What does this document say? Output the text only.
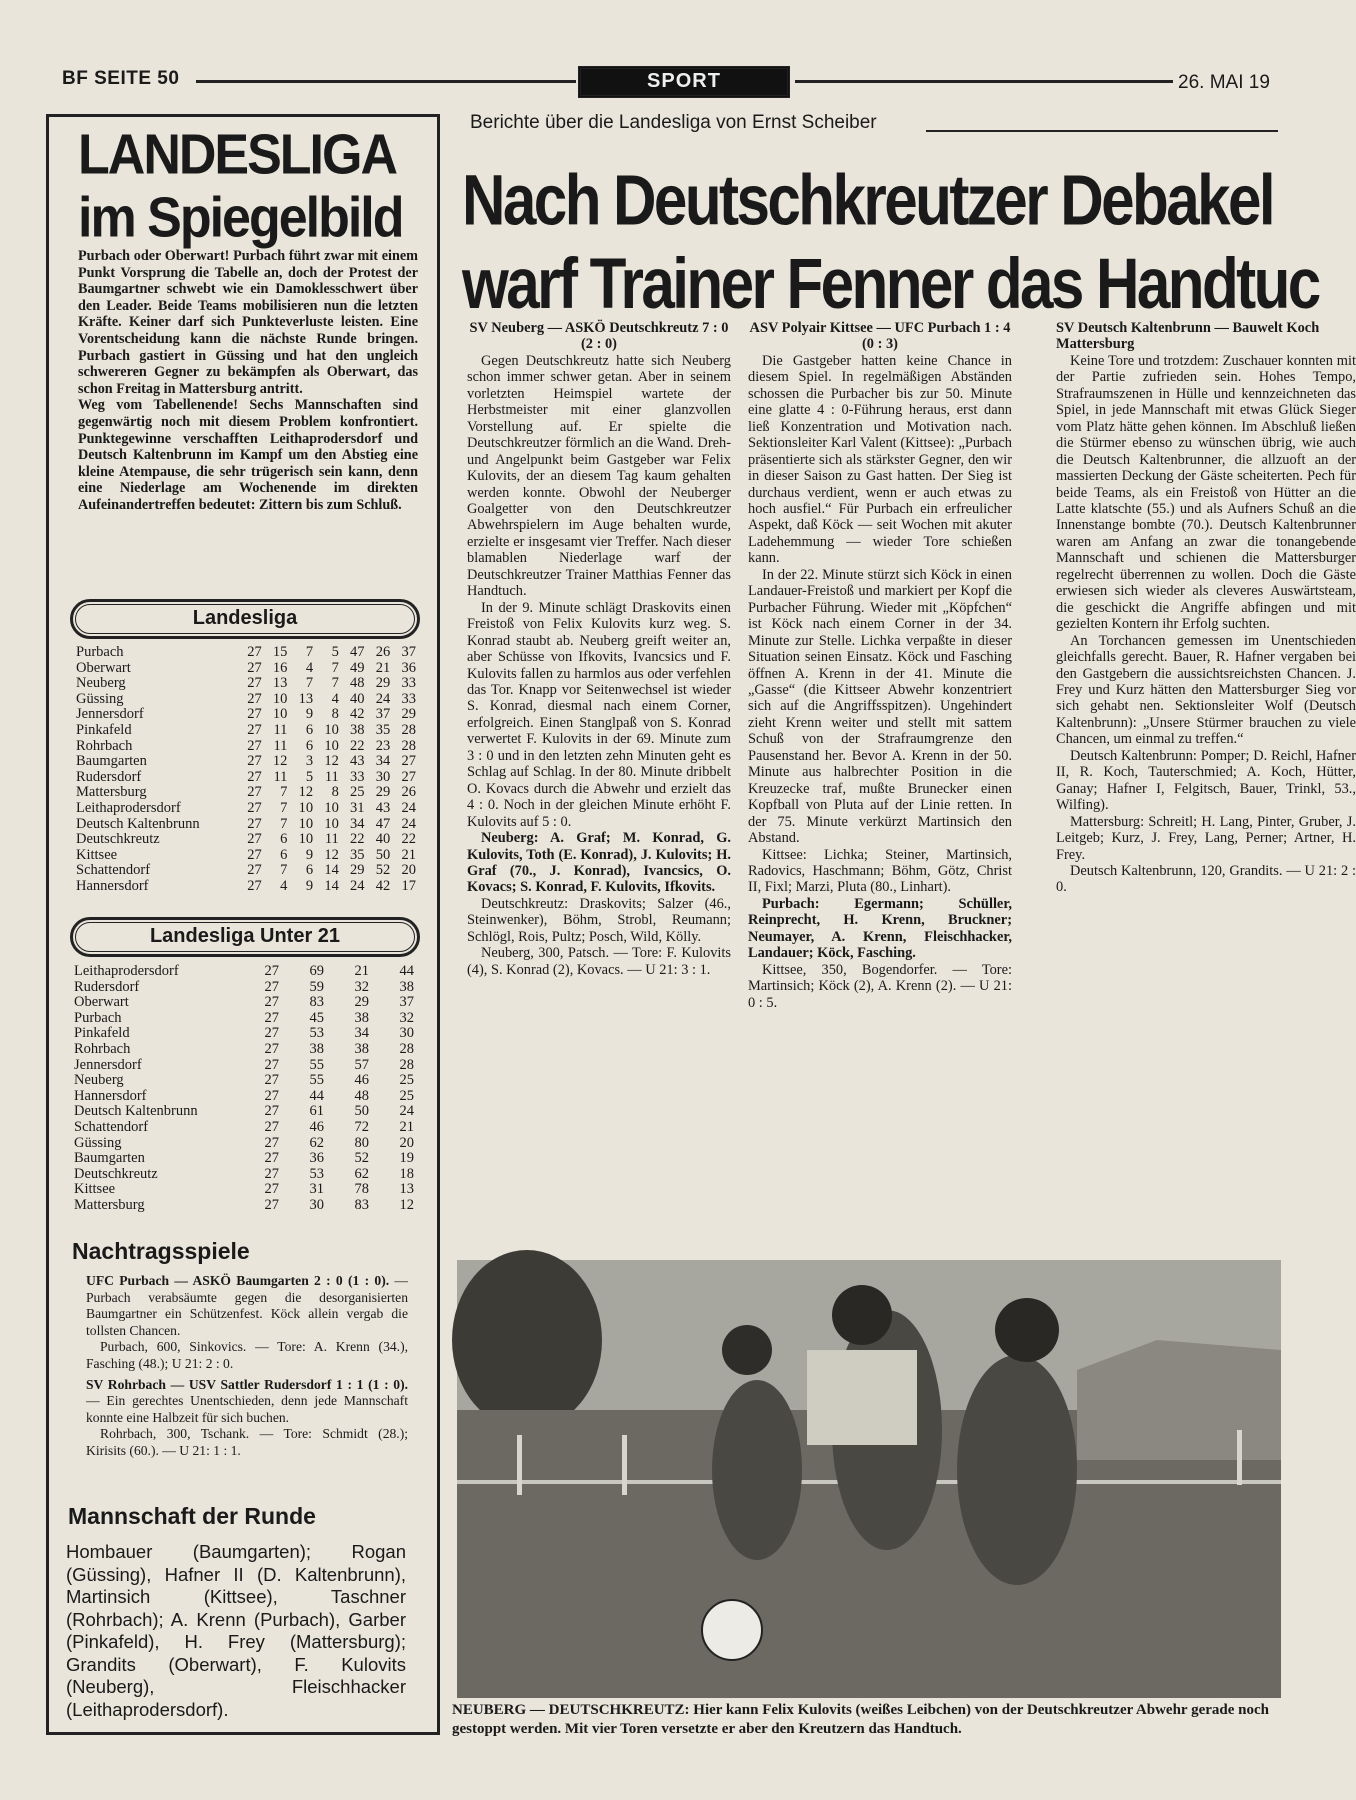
BF SEITE 50	SPORT	26. MAI 19
LANDESLIGA
im Spiegelbild
Purbach oder Oberwart! Purbach führt zwar mit einem Punkt Vorsprung die Tabelle an, doch der Protest der Baumgartner schwebt wie ein Damoklesschwert über den Leader. Beide Teams mobilisieren nun die letzten Kräfte. Keiner darf sich Punkteverluste leisten. Eine Vorentscheidung kann die nächste Runde bringen. Purbach gastiert in Güssing und hat den ungleich schwereren Gegner zu bekämpfen als Oberwart, das schon Freitag in Mattersburg antritt.
Weg vom Tabellenende! Sechs Mannschaften sind gegenwärtig noch mit diesem Problem konfrontiert. Punktegewinne verschafften Leithaprodersdorf und Deutsch Kaltenbrunn im Kampf um den Abstieg eine kleine Atempause, die sehr trügerisch sein kann, denn eine Niederlage am Wochenende im direkten Aufeinandertreffen bedeutet: Zittern bis zum Schluß.
Landesliga
Purbach	27	15	7	5	47	26	37
Oberwart	27	16	4	7	49	21	36
Neuberg	27	13	7	7	48	29	33
Güssing	27	10	13	4	40	24	33
Jennersdorf	27	10	9	8	42	37	29
Pinkafeld	27	11	6	10	38	35	28
Rohrbach	27	11	6	10	22	23	28
Baumgarten	27	12	3	12	43	34	27
Rudersdorf	27	11	5	11	33	30	27
Mattersburg	27	7	12	8	25	29	26
Leithaprodersdorf	27	7	10	10	31	43	24
Deutsch Kaltenbrunn	27	7	10	10	34	47	24
Deutschkreutz	27	6	10	11	22	40	22
Kittsee	27	6	9	12	35	50	21
Schattendorf	27	7	6	14	29	52	20
Hannersdorf	27	4	9	14	24	42	17
Landesliga Unter 21
Leithaprodersdorf	27	69	21	44
Rudersdorf	27	59	32	38
Oberwart	27	83	29	37
Purbach	27	45	38	32
Pinkafeld	27	53	34	30
Rohrbach	27	38	38	28
Jennersdorf	27	55	57	28
Neuberg	27	55	46	25
Hannersdorf	27	44	48	25
Deutsch Kaltenbrunn	27	61	50	24
Schattendorf	27	46	72	21
Güssing	27	62	80	20
Baumgarten	27	36	52	19
Deutschkreutz	27	53	62	18
Kittsee	27	31	78	13
Mattersburg	27	30	83	12
Nachtragsspiele
UFC Purbach — ASKÖ Baumgarten 2 : 0 (1 : 0). — Purbach verabsäumte gegen die desorganisierten Baumgartner ein Schützenfest. Köck allein vergab die tollsten Chancen.
Purbach, 600, Sinkovics. — Tore: A. Krenn (34.), Fasching (48.); U 21: 2 : 0.
SV Rohrbach — USV Sattler Rudersdorf 1 : 1 (1 : 0). — Ein gerechtes Unentschieden, denn jede Mannschaft konnte eine Halbzeit für sich buchen.
Rohrbach, 300, Tschank. — Tore: Schmidt (28.); Kirisits (60.). — U 21: 1 : 1.
Mannschaft der Runde
Hombauer (Baumgarten); Rogan (Güssing), Hafner II (D. Kaltenbrunn), Martinsich (Kittsee), Taschner (Rohrbach); A. Krenn (Purbach), Garber (Pinkafeld), H. Frey (Mattersburg); Grandits (Oberwart), F. Kulovits (Neuberg), Fleischhacker (Leithaprodersdorf).
Berichte über die Landesliga von Ernst Scheiber
Nach Deutschkreutzer Debakel
warf Trainer Fenner das Handtuc

SV Neuberg — ASKÖ Deutschkreutz 7 : 0 (2 : 0)

Gegen Deutschkreutz hatte sich Neuberg schon immer schwer getan. Aber in seinem vorletzten Heimspiel wartete der Herbstmeister mit einer glanzvollen Vorstellung auf. Er spielte die Deutschkreutzer förmlich an die Wand. Dreh- und Angelpunkt beim Gastgeber war Felix Kulovits, der an diesem Tag kaum gehalten werden konnte. Obwohl der Neuberger Goalgetter von den Deutschkreutzer Abwehrspielern im Auge behalten wurde, erzielte er insgesamt vier Treffer. Nach dieser blamablen Niederlage warf der Deutschkreutzer Trainer Matthias Fenner das Handtuch.

In der 9. Minute schlägt Draskovits einen Freistoß von Felix Kulovits kurz weg. S. Konrad staubt ab. Neuberg greift weiter an, aber Schüsse von Ifkovits, Ivancsics und F. Kulovits fallen zu harmlos aus oder verfehlen das Tor. Knapp vor Seitenwechsel ist wieder S. Konrad, diesmal nach einem Corner, erfolgreich. Einen Stanglpaß von S. Konrad verwertet F. Kulovits in der 69. Minute zum 3 : 0 und in den letzten zehn Minuten geht es Schlag auf Schlag. In der 80. Minute dribbelt O. Kovacs durch die Abwehr und erzielt das 4 : 0. Noch in der gleichen Minute erhöht F. Kulovits auf 5 : 0.

Neuberg: A. Graf; M. Konrad, G. Kulovits, Toth (E. Konrad), J. Kulovits; H. Graf (70., J. Konrad), Ivancsics, O. Kovacs; S. Konrad, F. Kulovits, Ifkovits.

Deutschkreutz: Draskovits; Salzer (46., Steinwenker), Böhm, Strobl, Reumann; Schlögl, Rois, Pultz; Posch, Wild, Kölly.

Neuberg, 300, Patsch. — Tore: F. Kulovits (4), S. Konrad (2), Kovacs. — U 21: 3 : 1.

ASV Polyair Kittsee — UFC Purbach 1 : 4 (0 : 3)

Die Gastgeber hatten keine Chance in diesem Spiel. In regelmäßigen Abständen schossen die Purbacher bis zur 50. Minute eine glatte 4 : 0-Führung heraus, erst dann ließ Konzentration und Motivation nach. Sektionsleiter Karl Valent (Kittsee): „Purbach präsentierte sich als stärkster Gegner, den wir in dieser Saison zu Gast hatten. Der Sieg ist durchaus verdient, wenn er auch etwas zu hoch ausfiel.“ Für Purbach ein erfreulicher Aspekt, daß Köck — seit Wochen mit akuter Ladehemmung — wieder Tore schießen kann.

In der 22. Minute stürzt sich Köck in einen Landauer-Freistoß und markiert per Kopf die Purbacher Führung. Wieder mit „Köpfchen“ ist Köck nach einem Corner in der 34. Minute zur Stelle. Lichka verpaßte in dieser Situation seinen Einsatz. Köck und Fasching öffnen A. Krenn in der 41. Minute die „Gasse“ (die Kittseer Abwehr konzentriert sich auf die Angriffsspitzen). Ungehindert zieht Krenn weiter und stellt mit sattem Schuß von der Strafraumgrenze den Pausenstand her. Bevor A. Krenn in der 50. Minute aus halbrechter Position in die Kreuzecke traf, mußte Brunecker einen Kopfball von Pluta auf der Linie retten. In der 75. Minute verkürzt Martinsich den Abstand.

Kittsee: Lichka; Steiner, Martinsich, Radovics, Haschmann; Böhm, Götz, Christ II, Fixl; Marzi, Pluta (80., Linhart).

Purbach: Egermann; Schüller, Reinprecht, H. Krenn, Bruckner; Neumayer, A. Krenn, Fleischhacker, Landauer; Köck, Fasching.

Kittsee, 350, Bogendorfer. — Tore: Martinsich; Köck (2), A. Krenn (2). — U 21: 0 : 5.

SV Deutsch Kaltenbrunn — Bauwelt Koch Mattersburg

Keine Tore und trotzdem: Zuschauer konnten mit der Partie zufrieden sein. Hohes Tempo, Strafraumszenen in Hülle und kennzeichneten das Spiel, in jede Mannschaft mit etwas Glück Sieger vom Platz hätte gehen können. Im Abschluß ließen die Stürmer ebenso zu wünschen übrig, wie auch die Deutsch Kaltenbrunner, die allzuoft an der massierten Deckung der Gäste scheiterten. Pech für beide Teams, als ein Freistoß von Hütter an die Latte klatschte (55.) und als Aufners Schuß an die Innenstange bombte (70.). Deutsch Kaltenbrunner waren am Anfang an zwar die tonangebende Mannschaft und schienen die Mattersburger regelrecht überrennen zu wollen. Doch die Gäste erwiesen sich wieder als cleveres Auswärtsteam, die geschickt die Angriffe abfingen und mit gezielten Kontern ihr Erfolg suchten.

An Torchancen gemessen im Unentschieden gleichfalls gerecht. Bauer, R. Hafner vergaben bei den Gastgebern die aussichtsreichsten Chancen. J. Frey und Kurz hätten den Mattersburger Sieg vor sich gehabt nen. Sektionsleiter Wolf (Deutsch Kaltenbrunn): „Unsere Stürmer brauchen zu viele Chancen, um einmal zu treffen.“

Deutsch Kaltenbrunn: Pomper; D. Reichl, Hafner II, R. Koch, Tauterschmied; A. Koch, Hütter, Ganay; Hafner I, Felgitsch, Bauer, Trinkl, 53., Wilfing).

Mattersburg: Schreitl; H. Lang, Pinter, Gruber, J. Leitgeb; Kurz, J. Frey, Lang, Perner; Artner, H. Frey.

Deutsch Kaltenbrunn, 120, Grandits. — U 21: 2 : 0.

NEUBERG — DEUTSCHKREUTZ: Hier kann Felix Kulovits (weißes Leibchen) von der Deutschkreutzer Abwehr gerade noch gestoppt werden. Mit vier Toren versetzte er aber den Kreutzern das Handtuch.
